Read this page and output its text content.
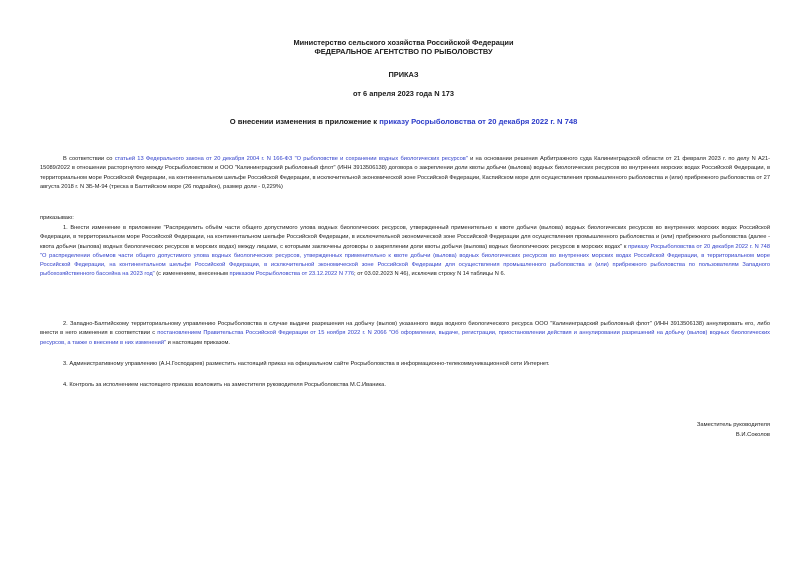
Министерство сельского хозяйства Российской Федерации
ФЕДЕРАЛЬНОЕ АГЕНТСТВО ПО РЫБОЛОВСТВУ
ПРИКАЗ
от 6 апреля 2023 года N 173
О внесении изменения в приложение к приказу Росрыболовства от 20 декабря 2022 г. N 748
В соответствии со статьей 13 Федерального закона от 20 декабря 2004 г. N 166-ФЗ "О рыболовстве и сохранении водных биологических ресурсов" и на основании решения Арбитражного суда Калининградской области от 21 февраля 2023 г. по делу N А21-15089/2022 в отношении расторгнутого между Росрыболовством и ООО "Калининградский рыболовный флот" (ИНН 3913506138) договора о закреплении доли квоты добычи (вылова) водных биологических ресурсов во внутренних морских водах Российской Федерации, в территориальном море Российской Федерации, на континентальном шельфе Российской Федерации, в исключительной экономической зоне Российской Федерации, Каспийском море для осуществления промышленного рыболовства и (или) прибрежного рыболовства от 27 августа 2018 г. N ЗБ-М-94 (треска в Балтийском море (26 подрайон), размер доли - 0,229%)
приказываю:
1. Внести изменение в приложение "Распределить объём части общего допустимого улова водных биологических ресурсов, утвержденный применительно к квоте добычи (вылова) водных биологических ресурсов во внутренних морских водах Российской Федерации, в территориальном море Российской Федерации, на континентальном шельфе Российской Федерации, в исключительной экономической зоне Российской Федерации для осуществления промышленного рыболовства и (или) прибрежного рыболовства (далее - квота добычи (вылова) водных биологических ресурсов в морских водах) между лицами, с которыми заключены договоры о закреплении доли квоты добычи (вылова) водных биологических ресурсов в морских водах" к приказу Росрыболовства от 20 декабря 2022 г. N 748 "О распределении объемов части общего допустимого улова водных биологических ресурсов, утвержденных применительно к квоте добычи (вылова) водных биологических ресурсов во внутренних морских водах Российской Федерации, в территориальном море Российской Федерации, на континентальном шельфе Российской Федерации, в исключительной экономической зоне Российской Федерации для осуществления промышленного рыболовства и (или) прибрежного рыболовства по пользователям Западного рыбохозяйственного бассейна на 2023 год" (с изменением, внесенным приказом Росрыболовства от 23.12.2022 N 776; от 03.02.2023 N 46), исключив строку N 14 таблицы N 6.
2. Западно-Балтийскому территориальному управлению Росрыболовства в случае выдачи разрешения на добычу (вылов) указанного вида водного биологического ресурса ООО "Калининградский рыболовный флот" (ИНН 3913506138) аннулировать его, либо внести в него изменения в соответствии с постановлением Правительства Российской Федерации от 15 ноября 2022 г. N 2066 "Об оформлении, выдаче, регистрации, приостановлении действия и аннулировании разрешений на добычу (вылов) водных биологических ресурсов, а также о внесении в них изменений" и настоящим приказом.
3. Административному управлению (А.Н.Господарев) разместить настоящий приказ на официальном сайте Росрыболовства в информационно-телекоммуникационной сети Интернет.
4. Контроль за исполнением настоящего приказа возложить на заместителя руководителя Росрыболовства М.С.Иваника.
Заместитель руководителя
В.И.Соколов
